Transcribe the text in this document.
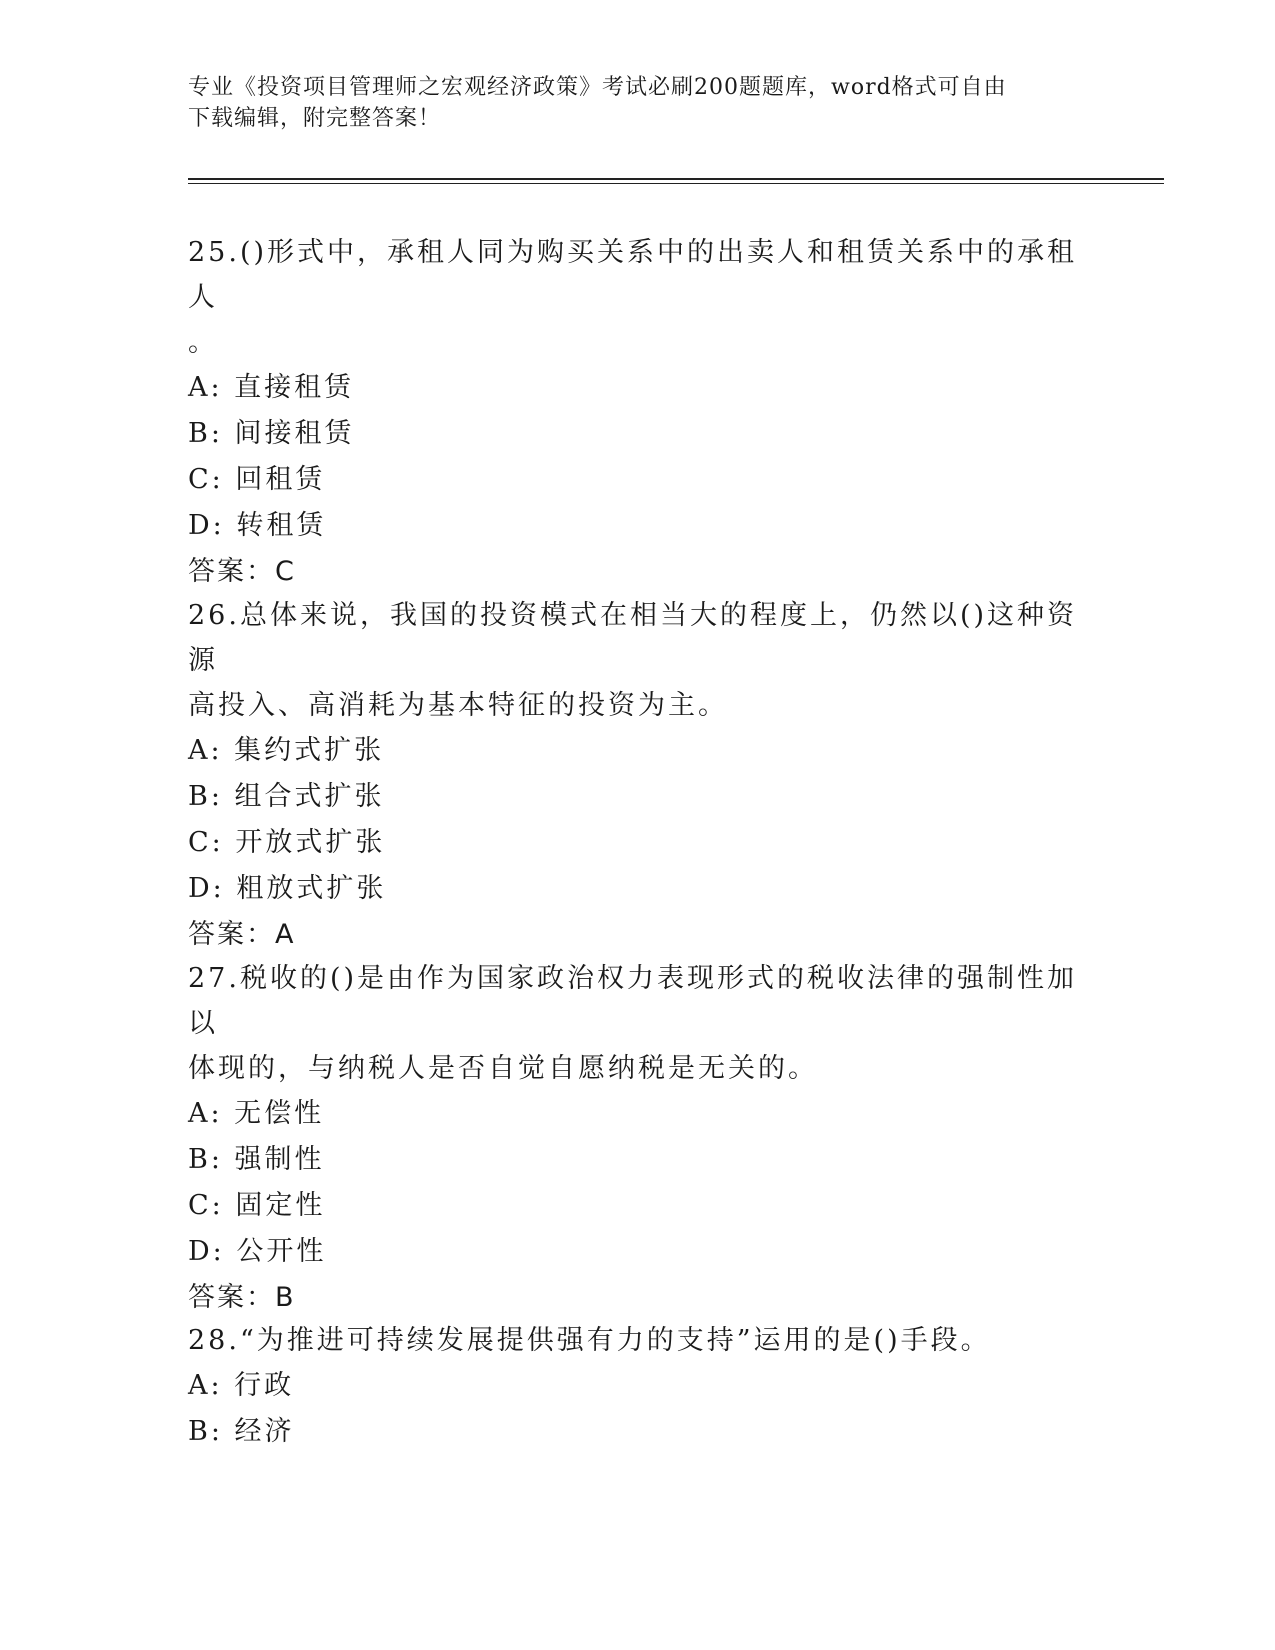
专业《投资项目管理师之宏观经济政策》考试必刷200题题库，word格式可自由
下载编辑，附完整答案！

25.()形式中，承租人同为购买关系中的出卖人和租赁关系中的承租人

。

A: 直接租赁

B: 间接租赁

C: 回租赁

D: 转租赁

答案：C

26.总体来说，我国的投资模式在相当大的程度上，仍然以()这种资源

高投入、高消耗为基本特征的投资为主。

A: 集约式扩张

B: 组合式扩张

C: 开放式扩张

D: 粗放式扩张

答案：A

27.税收的()是由作为国家政治权力表现形式的税收法律的强制性加以

体现的，与纳税人是否自觉自愿纳税是无关的。

A: 无偿性

B: 强制性

C: 固定性

D: 公开性

答案：B

28.“为推进可持续发展提供强有力的支持”运用的是()手段。

A: 行政

B: 经济
